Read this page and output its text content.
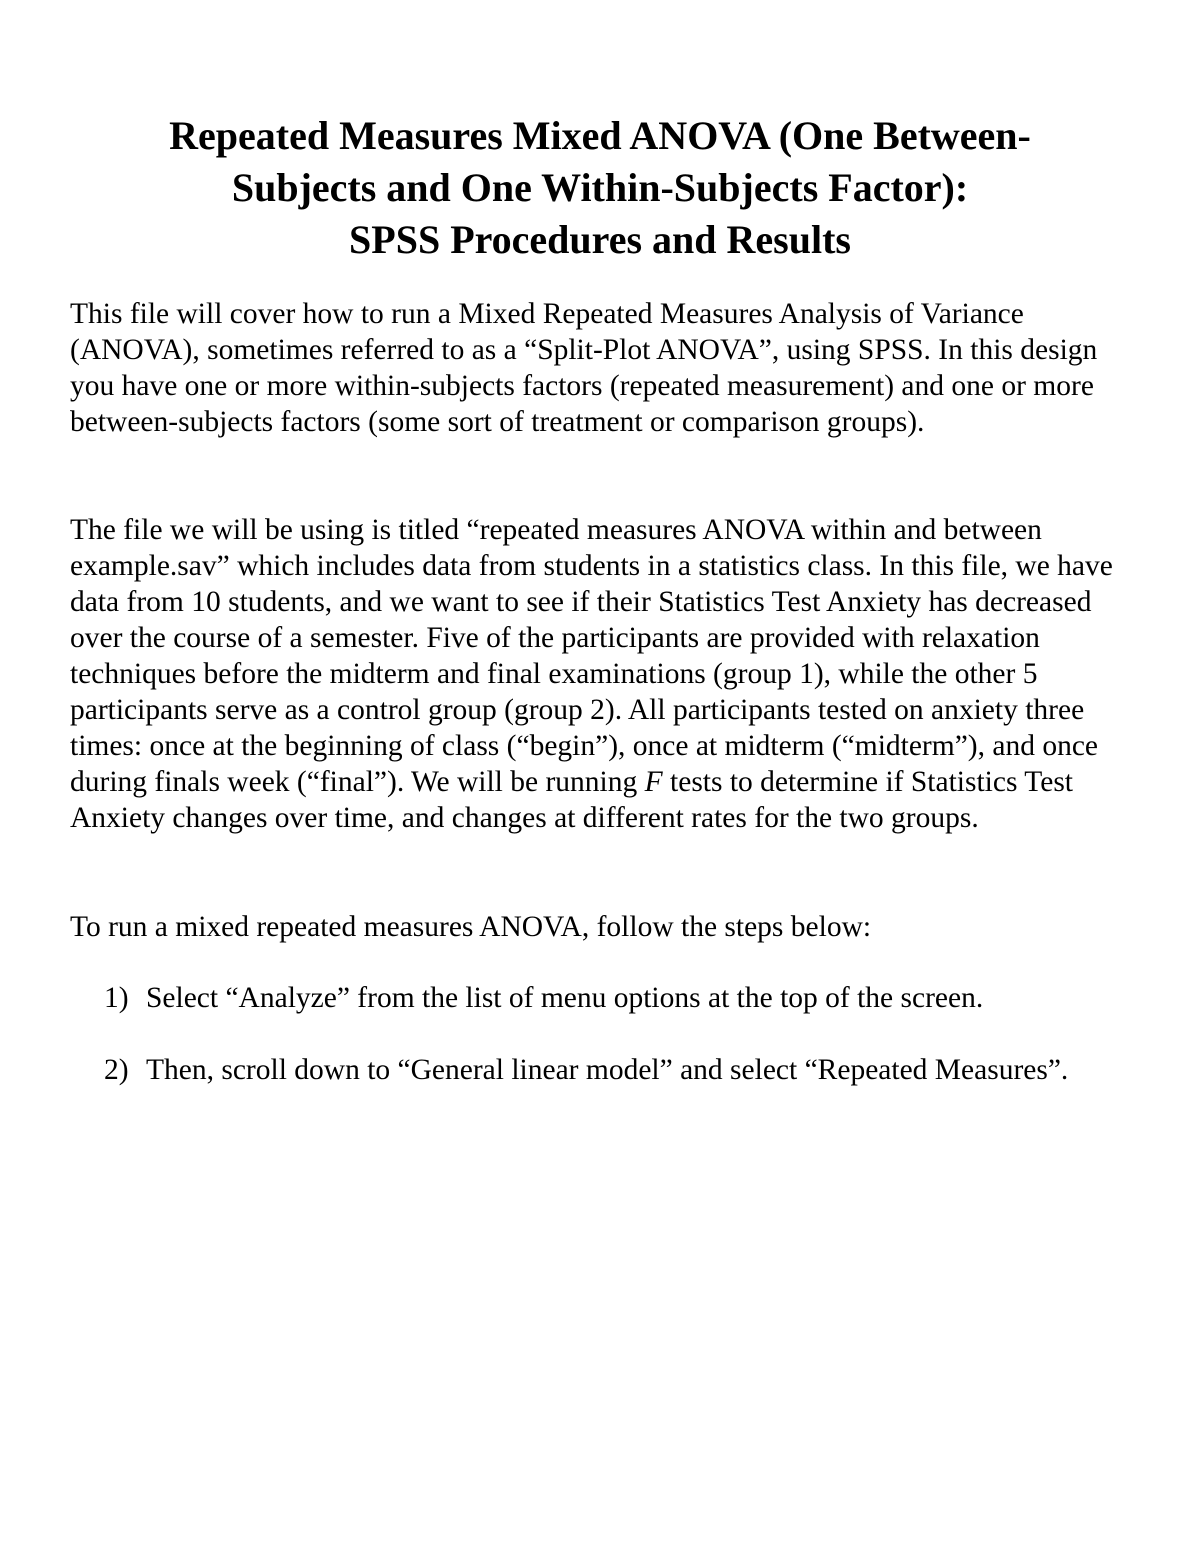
Repeated Measures Mixed ANOVA (One Between-
Subjects and One Within-Subjects Factor):
SPSS Procedures and Results

This file will cover how to run a Mixed Repeated Measures Analysis of Variance (ANOVA), sometimes referred to as a “Split-Plot ANOVA”, using SPSS. In this design you have one or more within-subjects factors (repeated measurement) and one or more between-subjects factors (some sort of treatment or comparison groups).

The file we will be using is titled “repeated measures ANOVA within and between example.sav” which includes data from students in a statistics class. In this file, we have data from 10 students, and we want to see if their Statistics Test Anxiety has decreased over the course of a semester. Five of the participants are provided with relaxation techniques before the midterm and final examinations (group 1), while the other 5 participants serve as a control group (group 2). All participants tested on anxiety three times: once at the beginning of class (“begin”), once at midterm (“midterm”), and once during finals week (“final”). We will be running F tests to determine if Statistics Test Anxiety changes over time, and changes at different rates for the two groups.

To run a mixed repeated measures ANOVA, follow the steps below:

1) Select “Analyze” from the list of menu options at the top of the screen.
2) Then, scroll down to “General linear model” and select “Repeated Measures”.
